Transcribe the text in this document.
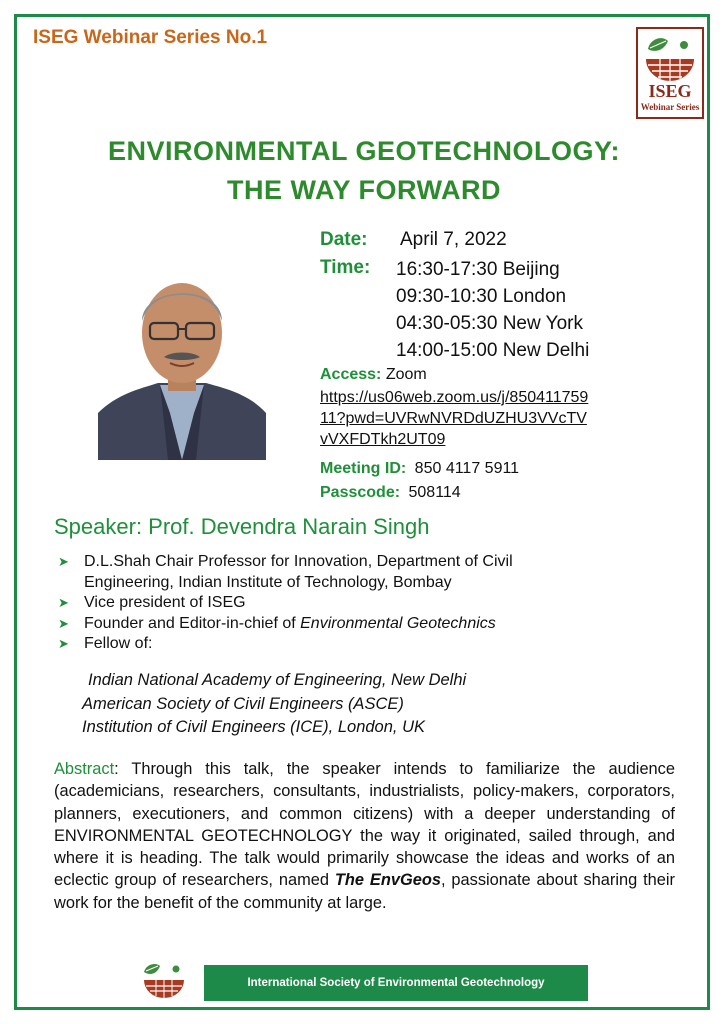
ISEG Webinar Series No.1
ISEG
Webinar Series
ENVIRONMENTAL GEOTECHNOLOGY:
THE WAY FORWARD
Date: April 7, 2022
Time: 16:30-17:30 Beijing
09:30-10:30 London
04:30-05:30 New York
14:00-15:00 New Delhi
Access: Zoom
https://us06web.zoom.us/j/850411759
11?pwd=UVRwNVRDdUZHU3VVcTV
vVXFDTkh2UT09
Meeting ID: 850 4117 5911
Passcode: 508114
Speaker: Prof. Devendra Narain Singh
➤ D.L.Shah Chair Professor for Innovation, Department of Civil
Engineering, Indian Institute of Technology, Bombay
➤ Vice president of ISEG
➤ Founder and Editor-in-chief of Environmental Geotechnics
➤ Fellow of:
Indian National Academy of Engineering, New Delhi
American Society of Civil Engineers (ASCE)
Institution of Civil Engineers (ICE), London, UK
Abstract: Through this talk, the speaker intends to familiarize the audience (academicians, researchers, consultants, industrialists, policy-makers, corporators, planners, executioners, and common citizens) with a deeper understanding of ENVIRONMENTAL GEOTECHNOLOGY the way it originated, sailed through, and where it is heading. The talk would primarily showcase the ideas and works of an eclectic group of researchers, named The EnvGeos, passionate about sharing their work for the benefit of the community at large.
International Society of Environmental Geotechnology
